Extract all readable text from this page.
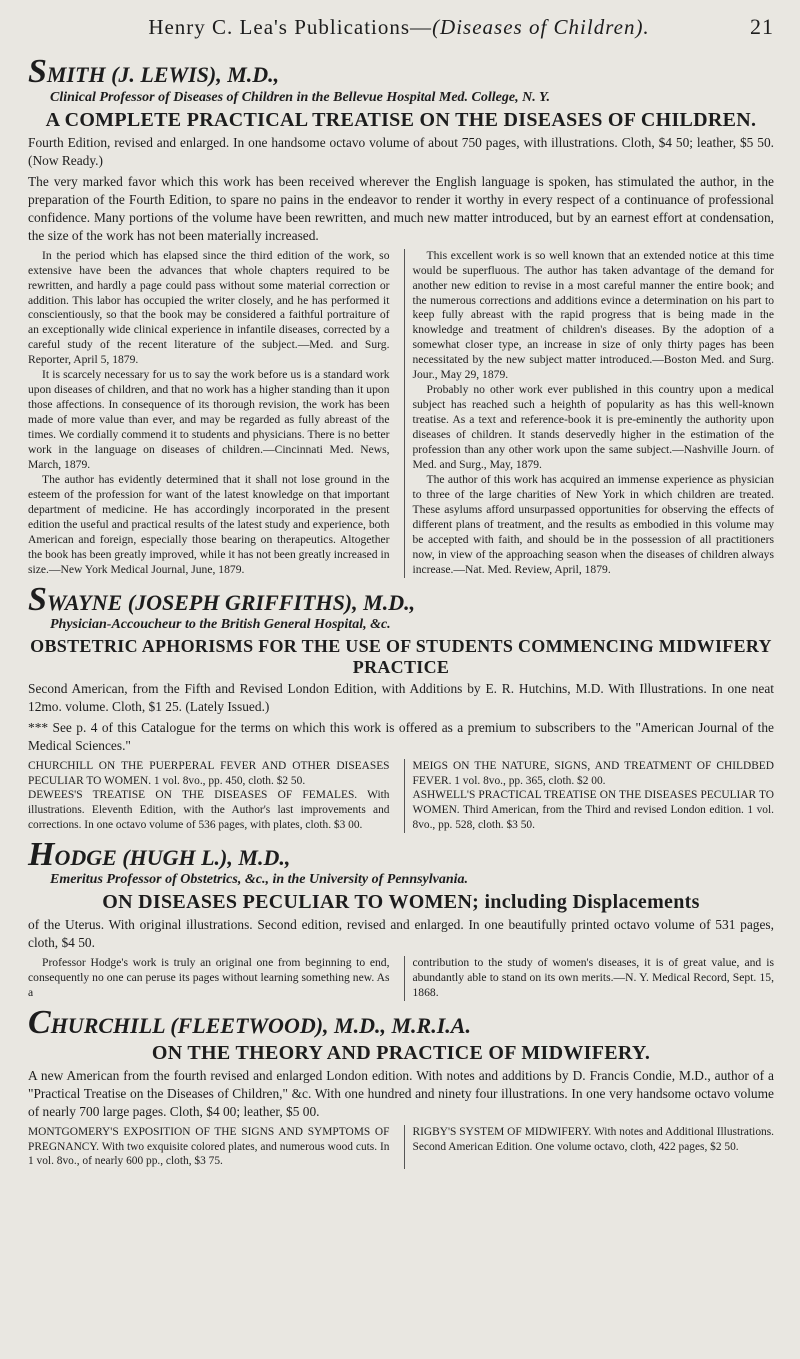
Henry C. Lea's Publications—(Diseases of Children).	21
SMITH (J. LEWIS), M.D.,
Clinical Professor of Diseases of Children in the Bellevue Hospital Med. College, N. Y.
A COMPLETE PRACTICAL TREATISE ON THE DISEASES OF CHILDREN.

Fourth Edition, revised and enlarged. In one handsome octavo volume of about 750 pages, with illustrations. Cloth, $4 50; leather, $5 50. (Now Ready.)

The very marked favor which this work has been received wherever the English language is spoken, has stimulated the author, in the preparation of the Fourth Edition, to spare no pains in the endeavor to render it worthy in every respect of a continuance of professional confidence. Many portions of the volume have been rewritten, and much new matter introduced, but by an earnest effort at condensation, the size of the work has not been materially increased.

In the period which has elapsed since the third edition of the work, so extensive have been the advances that whole chapters required to be rewritten, and hardly a page could pass without some material correction or addition. This labor has occupied the writer closely, and he has performed it conscientiously, so that the book may be considered a faithful portraiture of an exceptionally wide clinical experience in infantile diseases, corrected by a careful study of the recent literature of the subject.—Med. and Surg. Reporter, April 5, 1879.

It is scarcely necessary for us to say the work before us is a standard work upon diseases of children, and that no work has a higher standing than it upon those affections. In consequence of its thorough revision, the work has been made of more value than ever, and may be regarded as fully abreast of the times. We cordially commend it to students and physicians. There is no better work in the language on diseases of children.—Cincinnati Med. News, March, 1879.

The author has evidently determined that it shall not lose ground in the esteem of the profession for want of the latest knowledge on that important department of medicine. He has accordingly incorporated in the present edition the useful and practical results of the latest study and experience, both American and foreign, especially those bearing on therapeutics. Altogether the book has been greatly improved, while it has not been greatly increased in size.—New York Medical Journal, June, 1879.

This excellent work is so well known that an extended notice at this time would be superfluous. The author has taken advantage of the demand for another new edition to revise in a most careful manner the entire book; and the numerous corrections and additions evince a determination on his part to keep fully abreast with the rapid progress that is being made in the knowledge and treatment of children's diseases. By the adoption of a somewhat closer type, an increase in size of only thirty pages has been necessitated by the new subject matter introduced.—Boston Med. and Surg. Jour., May 29, 1879.

Probably no other work ever published in this country upon a medical subject has reached such a heighth of popularity as has this well-known treatise. As a text and reference-book it is pre-eminently the authority upon diseases of children. It stands deservedly higher in the estimation of the profession than any other work upon the same subject.—Nashville Journ. of Med. and Surg., May, 1879.

The author of this work has acquired an immense experience as physician to three of the large charities of New York in which children are treated. These asylums afford unsurpassed opportunities for observing the effects of different plans of treatment, and the results as embodied in this volume may be accepted with faith, and should be in the possession of all practitioners now, in view of the approaching season when the diseases of children always increase.—Nat. Med. Review, April, 1879.

SWAYNE (JOSEPH GRIFFITHS), M.D.,
Physician-Accoucheur to the British General Hospital, &c.
OBSTETRIC APHORISMS FOR THE USE OF STUDENTS COMMENCING MIDWIFERY PRACTICE

Second American, from the Fifth and Revised London Edition, with Additions by E. R. Hutchins, M.D. With Illustrations. In one neat 12mo. volume. Cloth, $1 25. (Lately Issued.)

*** See p. 4 of this Catalogue for the terms on which this work is offered as a premium to subscribers to the "American Journal of the Medical Sciences."

CHURCHILL ON THE PUERPERAL FEVER AND OTHER DISEASES PECULIAR TO WOMEN. 1 vol. 8vo., pp. 450, cloth. $2 50.

DEWEES'S TREATISE ON THE DISEASES OF FEMALES. With illustrations. Eleventh Edition, with the Author's last improvements and corrections. In one octavo volume of 536 pages, with plates, cloth. $3 00.

MEIGS ON THE NATURE, SIGNS, AND TREATMENT OF CHILDBED FEVER. 1 vol. 8vo., pp. 365, cloth. $2 00.

ASHWELL'S PRACTICAL TREATISE ON THE DISEASES PECULIAR TO WOMEN. Third American, from the Third and revised London edition. 1 vol. 8vo., pp. 528, cloth. $3 50.

HODGE (HUGH L.), M.D.,
Emeritus Professor of Obstetrics, &c., in the University of Pennsylvania.
ON DISEASES PECULIAR TO WOMEN; including Displacements

of the Uterus. With original illustrations. Second edition, revised and enlarged. In one beautifully printed octavo volume of 531 pages, cloth, $4 50.

Professor Hodge's work is truly an original one from beginning to end, consequently no one can peruse its pages without learning something new. As a

contribution to the study of women's diseases, it is of great value, and is abundantly able to stand on its own merits.—N. Y. Medical Record, Sept. 15, 1868.

CHURCHILL (FLEETWOOD), M.D., M.R.I.A.
ON THE THEORY AND PRACTICE OF MIDWIFERY.

A new American from the fourth revised and enlarged London edition. With notes and additions by D. Francis Condie, M.D., author of a "Practical Treatise on the Diseases of Children," &c. With one hundred and ninety four illustrations. In one very handsome octavo volume of nearly 700 large pages. Cloth, $4 00; leather, $5 00.

MONTGOMERY'S EXPOSITION OF THE SIGNS AND SYMPTOMS OF PREGNANCY. With two exquisite colored plates, and numerous wood cuts. In 1 vol. 8vo., of nearly 600 pp., cloth, $3 75.

RIGBY'S SYSTEM OF MIDWIFERY. With notes and Additional Illustrations. Second American Edition. One volume octavo, cloth, 422 pages, $2 50.
